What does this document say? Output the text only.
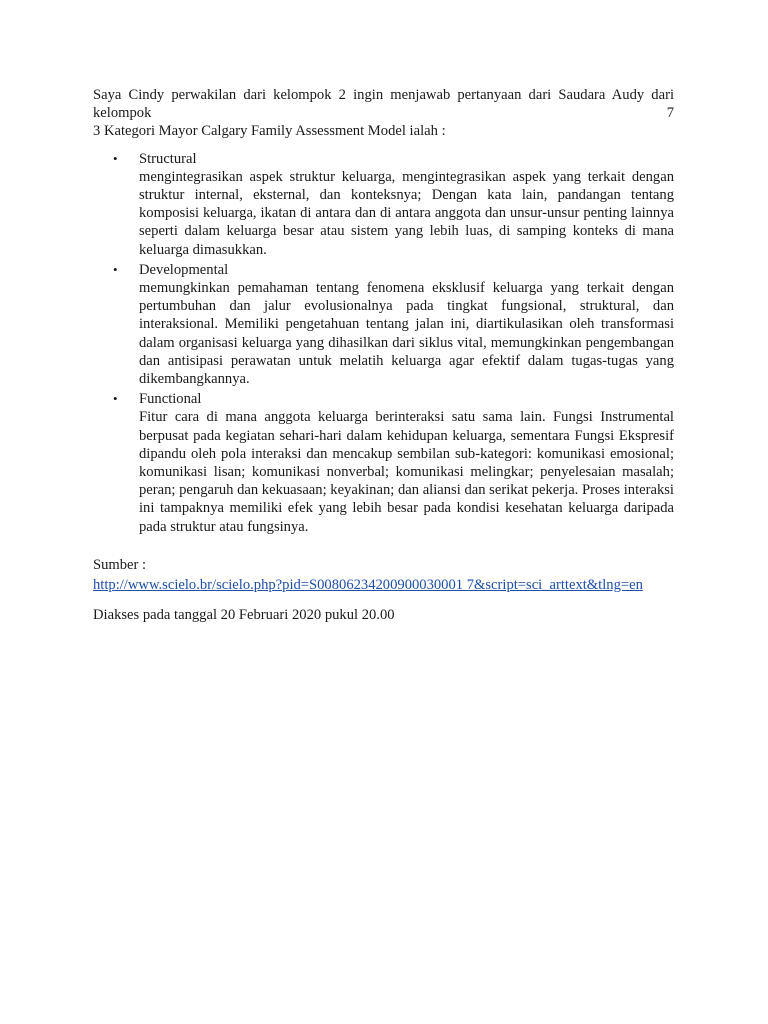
Saya Cindy perwakilan dari kelompok 2 ingin menjawab pertanyaan dari Saudara Audy dari kelompok 7

3 Kategori Mayor Calgary Family Assessment Model ialah :

• Structural

mengintegrasikan aspek struktur keluarga, mengintegrasikan aspek yang terkait dengan struktur internal, eksternal, dan konteksnya; Dengan kata lain, pandangan tentang komposisi keluarga, ikatan di antara dan di antara anggota dan unsur-unsur penting lainnya seperti dalam keluarga besar atau sistem yang lebih luas, di samping konteks di mana keluarga dimasukkan.

• Developmental

memungkinkan pemahaman tentang fenomena eksklusif keluarga yang terkait dengan pertumbuhan dan jalur evolusionalnya pada tingkat fungsional, struktural, dan interaksional. Memiliki pengetahuan tentang jalan ini, diartikulasikan oleh transformasi dalam organisasi keluarga yang dihasilkan dari siklus vital, memungkinkan pengembangan dan antisipasi perawatan untuk melatih keluarga agar efektif dalam tugas-tugas yang dikembangkannya.

• Functional

Fitur cara di mana anggota keluarga berinteraksi satu sama lain. Fungsi Instrumental berpusat pada kegiatan sehari-hari dalam kehidupan keluarga, sementara Fungsi Ekspresif dipandu oleh pola interaksi dan mencakup sembilan sub-kategori: komunikasi emosional; komunikasi lisan; komunikasi nonverbal; komunikasi melingkar; penyelesaian masalah; peran; pengaruh dan kekuasaan; keyakinan; dan aliansi dan serikat pekerja. Proses interaksi ini tampaknya memiliki efek yang lebih besar pada kondisi kesehatan keluarga daripada pada struktur atau fungsinya.

Sumber :

http://www.scielo.br/scielo.php?pid=S00806234200900030001 7&script=sci_arttext&tlng=en

Diakses pada tanggal 20 Februari 2020 pukul 20.00
